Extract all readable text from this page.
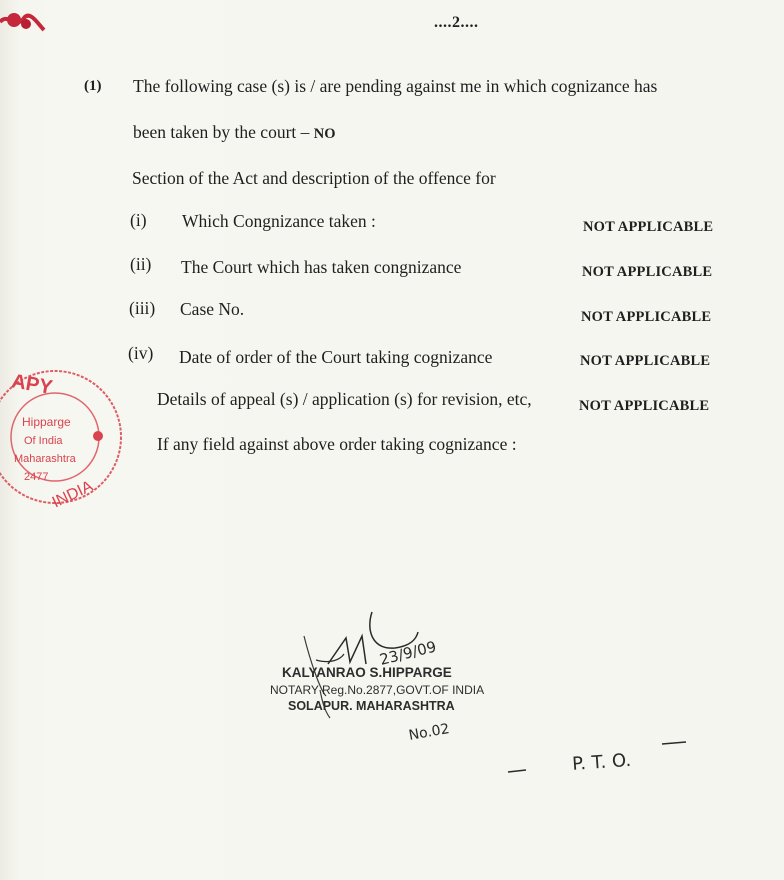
....2....
(1) The following case (s) is / are pending against me in which cognizance has
been taken by the court – NO
Section of the Act and description of the offence for
(i) Which Congnizance taken :	NOT APPLICABLE
(ii) The Court which has taken congnizance	NOT APPLICABLE
(iii) Case No.	NOT APPLICABLE
(iv) Date of order of the Court taking cognizance	NOT APPLICABLE
Details of appeal (s) / application (s) for revision, etc,	NOT APPLICABLE
If any field against above order taking cognizance :
APY
Hipparge
Of India
Maharashtra
2477
INDIA
23/9/09
No.02
P. T. O.
KALYANRAO S.HIPPARGE
NOTARY Reg.No.2877,GOVT.OF INDIA
SOLAPUR. MAHARASHTRA
